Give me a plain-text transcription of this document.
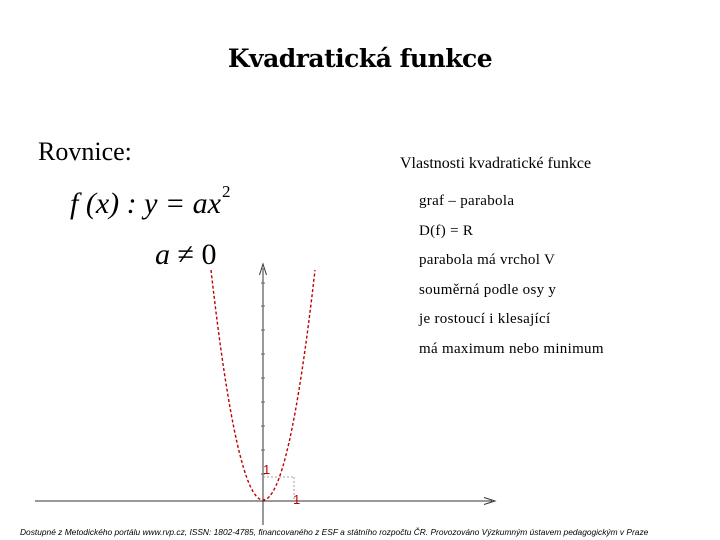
Kvadratická funkce
Rovnice:
f (x) : $y = ax^2$
a ≠ 0
1
1
Vlastnosti kvadratické funkce
graf – parabola
D(f) = R
parabola má vrchol V
souměrná podle osy y
je rostoucí i klesající
má maximum nebo minimum
Dostupné z Metodického portálu www.rvp.cz, ISSN: 1802-4785, financovaného z ESF a státního rozpočtu ČR. Provozováno Výzkumným ústavem pedagogickým v Praze
